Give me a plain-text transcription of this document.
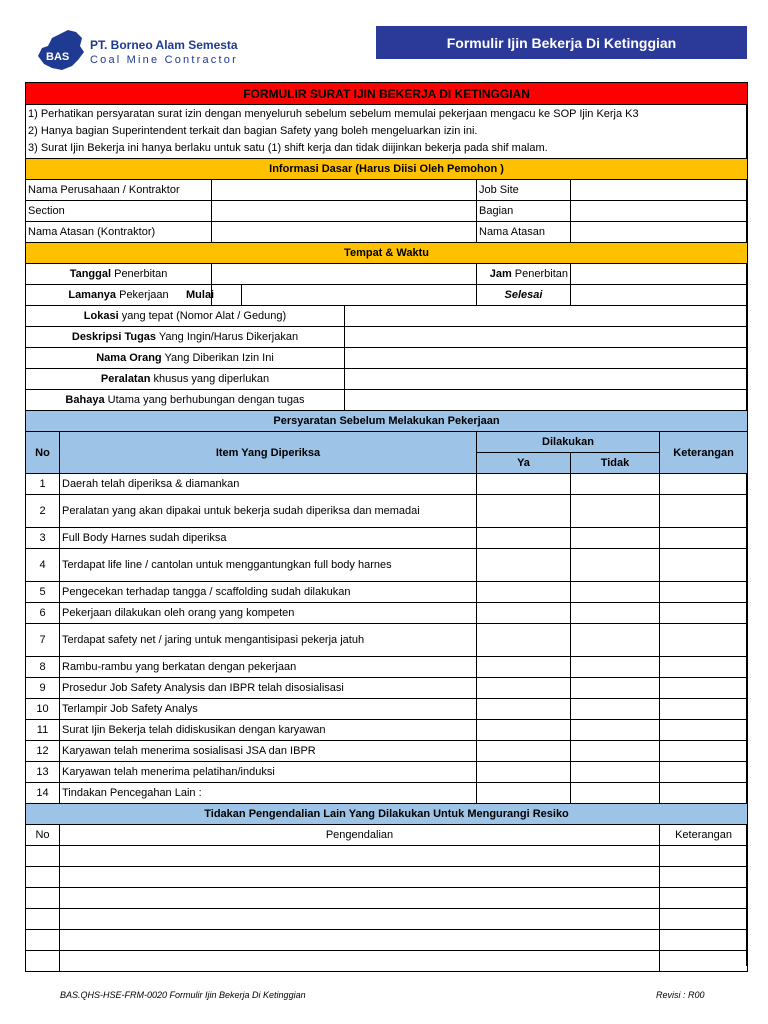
BAS
PT. Borneo Alam Semesta
Coal Mine Contractor
Formulir Ijin Bekerja Di Ketinggian
FORMULIR SURAT IJIN BEKERJA DI KETINGGIAN						

1) Perhatikan persyaratan surat izin dengan menyeluruh sebelum sebelum memulai pekerjaan mengacu ke SOP Ijin Kerja K3
2) Hanya bagian Superintendent terkait dan bagian Safety yang boleh mengeluarkan izin ini.
3) Surat Ijin Bekerja ini hanya berlaku untuk satu (1) shift kerja dan tidak diijinkan bekerja pada shif malam.						

Informasi Dasar (Harus Diisi Oleh Pemohon )						
Nama Perusahaan / Kontraktor				Job Site		
Section				Bagian		
Nama Atasan (Kontraktor)				Nama Atasan		
Tempat & Waktu						
Tanggal Penerbitan				Jam Penerbitan		
Lamanya Pekerjaan		Mulai		Selesai		
Lokasi yang tepat (Nomor Alat / Gedung)						
Deskripsi Tugas Yang Ingin/Harus Dikerjakan						
Nama Orang Yang Diberikan Izin Ini						
Peralatan khusus yang diperlukan						
Bahaya Utama yang berhubungan dengan tugas						
Persyaratan Sebelum Melakukan Pekerjaan						
No	Item Yang Diperiksa			Dilakukan		Keterangan
				Ya	Tidak	
1	Daerah telah diperiksa & diamankan					
2	Peralatan yang akan dipakai untuk bekerja sudah diperiksa dan memadai					
3	Full Body Harnes sudah diperiksa					
4	Terdapat life line / cantolan untuk menggantungkan full body harnes					
5	Pengecekan terhadap tangga / scaffolding sudah dilakukan					
6	Pekerjaan dilakukan oleh orang yang kompeten					
7	Terdapat safety net / jaring untuk mengantisipasi pekerja jatuh					
8	Rambu-rambu yang berkatan dengan pekerjaan					
9	Prosedur Job Safety Analysis dan IBPR telah disosialisasi					
10	Terlampir Job Safety Analys					
11	Surat Ijin Bekerja telah didiskusikan dengan karyawan					
12	Karyawan telah menerima sosialisasi JSA dan IBPR					
13	Karyawan telah menerima pelatihan/induksi					
14	Tindakan Pencegahan Lain :					
Tidakan Pengendalian Lain Yang Dilakukan Untuk Mengurangi Resiko						
No	Pengendalian					Keterangan

BAS.QHS-HSE-FRM-0020 Formulir Ijin Bekerja Di Ketinggian	Revisi : R00
